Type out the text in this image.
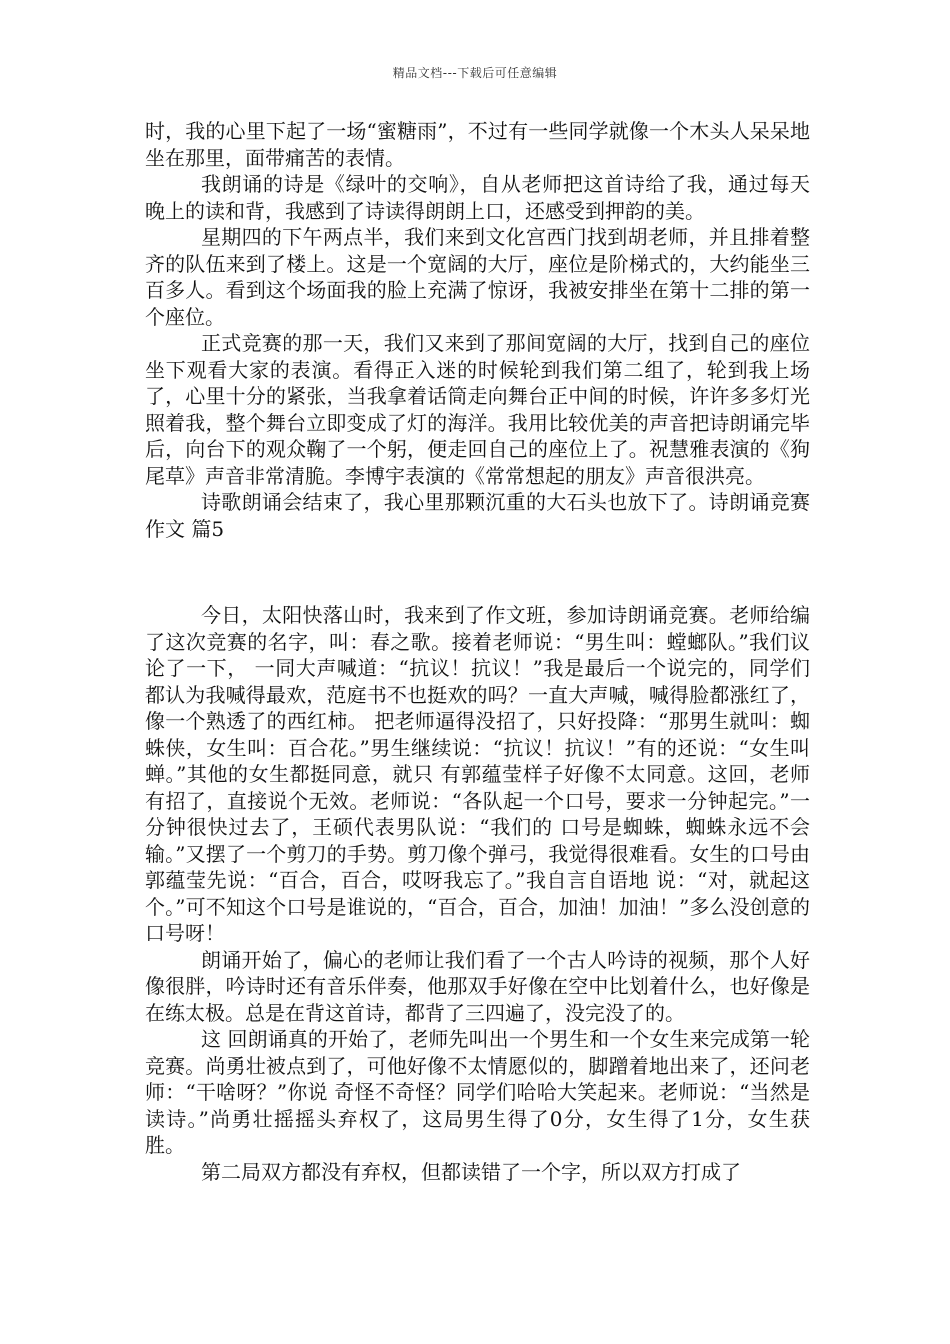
精品文档---下载后可任意编辑

时，我的心里下起了一场“蜜糖雨”，不过有一些同学就像一个木头人呆呆地坐在那里，面带痛苦的表情。

我朗诵的诗是《绿叶的交响》，自从老师把这首诗给了我，通过每天晚上的读和背，我感到了诗读得朗朗上口，还感受到押韵的美。

星期四的下午两点半，我们来到文化宫西门找到胡老师，并且排着整齐的队伍来到了楼上。这是一个宽阔的大厅，座位是阶梯式的，大约能坐三百多人。看到这个场面我的脸上充满了惊讶，我被安排坐在第十二排的第一个座位。

正式竞赛的那一天，我们又来到了那间宽阔的大厅，找到自己的座位坐下观看大家的表演。看得正入迷的时候轮到我们第二组了，轮到我上场了，心里十分的紧张，当我拿着话筒走向舞台正中间的时候，许许多多灯光照着我，整个舞台立即变成了灯的海洋。我用比较优美的声音把诗朗诵完毕后，向台下的观众鞠了一个躬，便走回自己的座位上了。祝慧雅表演的《狗尾草》声音非常清脆。李博宇表演的《常常想起的朋友》声音很洪亮。

诗歌朗诵会结束了，我心里那颗沉重的大石头也放下了。诗朗诵竞赛作文 篇5

今日，太阳快落山时，我来到了作文班，参加诗朗诵竞赛。老师给编了这次竞赛的名字，叫：春之歌。接着老师说：“男生叫：螳螂队。”我们议论了一下， 一同大声喊道：“抗议！抗议！”我是最后一个说完的，同学们都认为我喊得最欢，范庭书不也挺欢的吗？一直大声喊，喊得脸都涨红了，像一个熟透了的西红柿。 把老师逼得没招了，只好投降：“那男生就叫：蜘蛛侠，女生叫：百合花。”男生继续说：“抗议！抗议！”有的还说：“女生叫蝉。”其他的女生都挺同意，就只 有郭蕴莹样子好像不太同意。这回，老师有招了，直接说个无效。老师说：“各队起一个口号，要求一分钟起完。”一分钟很快过去了，王硕代表男队说：“我们的 口号是蜘蛛，蜘蛛永远不会输。”又摆了一个剪刀的手势。剪刀像个弹弓，我觉得很难看。女生的口号由郭蕴莹先说：“百合，百合，哎呀我忘了。”我自言自语地 说：“对，就起这个。”可不知这个口号是谁说的，“百合，百合，加油！加油！”多么没创意的口号呀！

朗诵开始了，偏心的老师让我们看了一个古人吟诗的视频，那个人好像很胖，吟诗时还有音乐伴奏，他那双手好像在空中比划着什么，也好像是在练太极。总是在背这首诗，都背了三四遍了，没完没了的。

这 回朗诵真的开始了，老师先叫出一个男生和一个女生来完成第一轮竞赛。尚勇壮被点到了，可他好像不太情愿似的，脚蹭着地出来了，还问老师：“干啥呀？”你说 奇怪不奇怪？同学们哈哈大笑起来。老师说：“当然是读诗。”尚勇壮摇摇头弃权了，这局男生得了0分，女生得了1分，女生获胜。

第二局双方都没有弃权，但都读错了一个字，所以双方打成了
